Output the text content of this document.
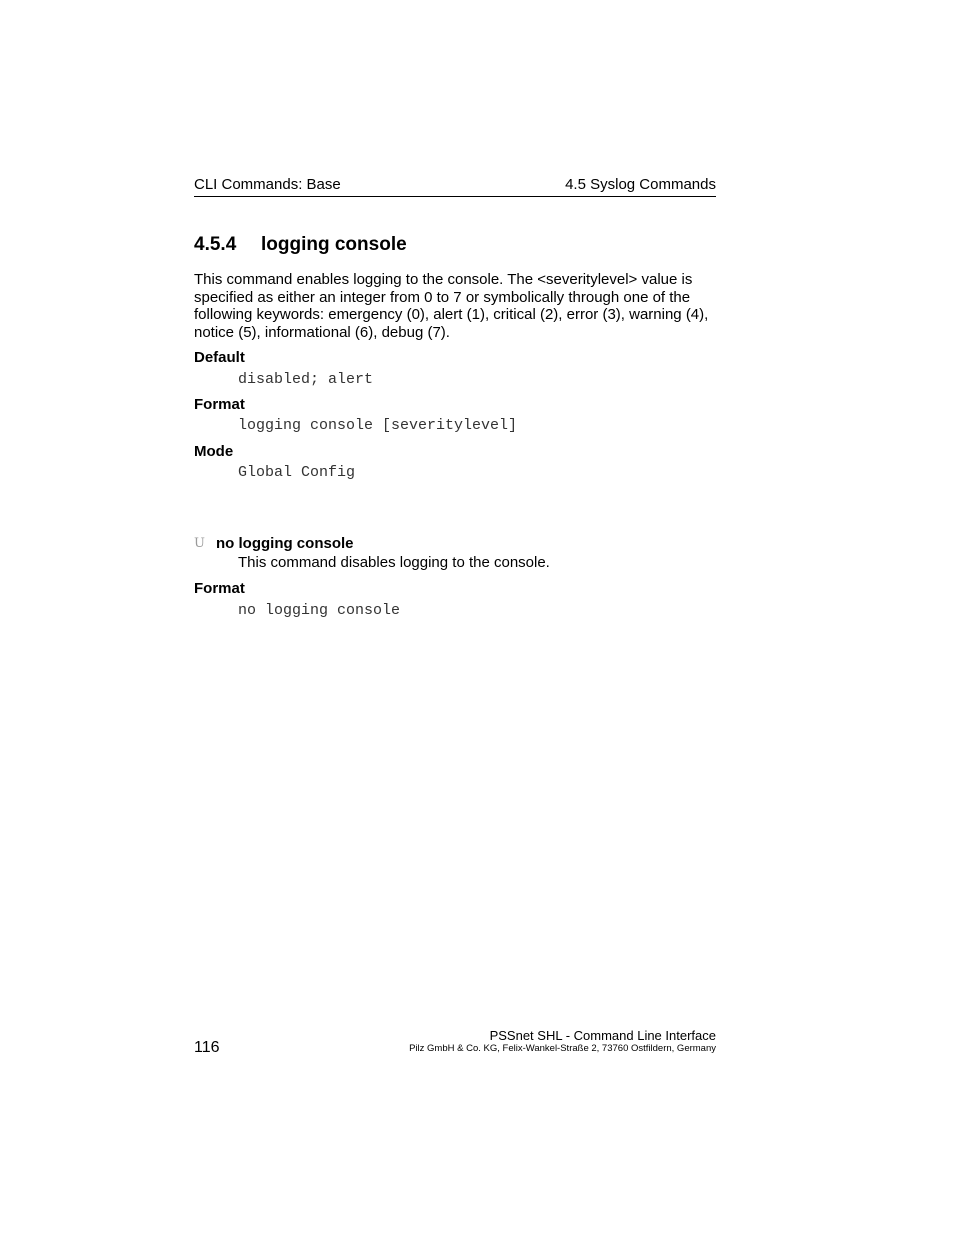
CLI Commands: Base	4.5 Syslog Commands
4.5.4 logging console

This command enables logging to the console. The <severitylevel> value is specified as either an integer from 0 to 7 or symbolically through one of the following keywords: emergency (0), alert (1), critical (2), error (3), warning (4), notice (5), informational (6), debug (7).

Default
disabled; alert
Format
logging console [severitylevel]
Mode
Global Config
U no logging console
This command disables logging to the console.
Format
no logging console
116
PSSnet SHL - Command Line Interface
Pilz GmbH & Co. KG, Felix-Wankel-Straße 2, 73760 Ostfildern, Germany
